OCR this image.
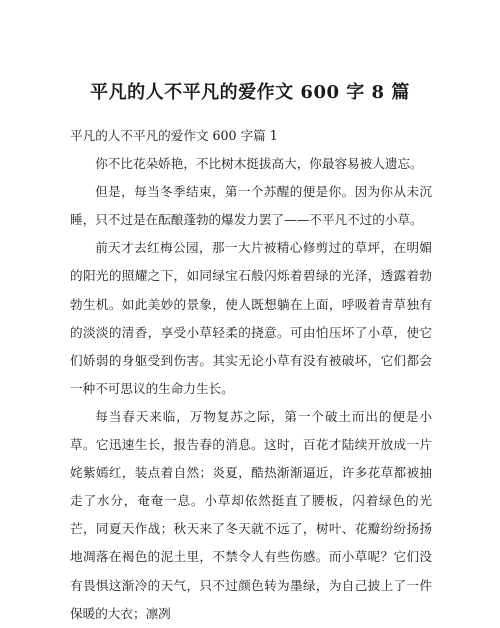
平凡的人不平凡的爱作文 600 字 8 篇

平凡的人不平凡的爱作文 600 字篇 1

你不比花朵娇艳，不比树木挺拔高大，你最容易被人遗忘。

但是，每当冬季结束，第一个苏醒的便是你。因为你从未沉睡，只不过是在酝酿蓬勃的爆发力罢了——不平凡不过的小草。

前天才去红梅公园，那一大片被精心修剪过的草坪，在明媚的阳光的照耀之下，如同绿宝石般闪烁着碧绿的光泽，透露着勃勃生机。如此美妙的景象，使人既想躺在上面，呼吸着青草独有的淡淡的清香，享受小草轻柔的挠意。可由怕压坏了小草，使它们娇弱的身躯受到伤害。其实无论小草有没有被破坏，它们都会一种不可思议的生命力生长。

每当春天来临，万物复苏之际，第一个破土而出的便是小草。它迅速生长，报告春的消息。这时，百花才陆续开放成一片姹紫嫣红，装点着自然；炎夏，酷热渐渐逼近，许多花草都被抽走了水分，奄奄一息。小草却依然挺直了腰板，闪着绿色的光芒，同夏天作战；秋天来了冬天就不远了，树叶、花瓣纷纷扬扬地凋落在褐色的泥土里，不禁令人有些伤感。而小草呢？它们没有畏惧这渐冷的天气，只不过颜色转为墨绿，为自己披上了一件保暖的大衣；凛冽
